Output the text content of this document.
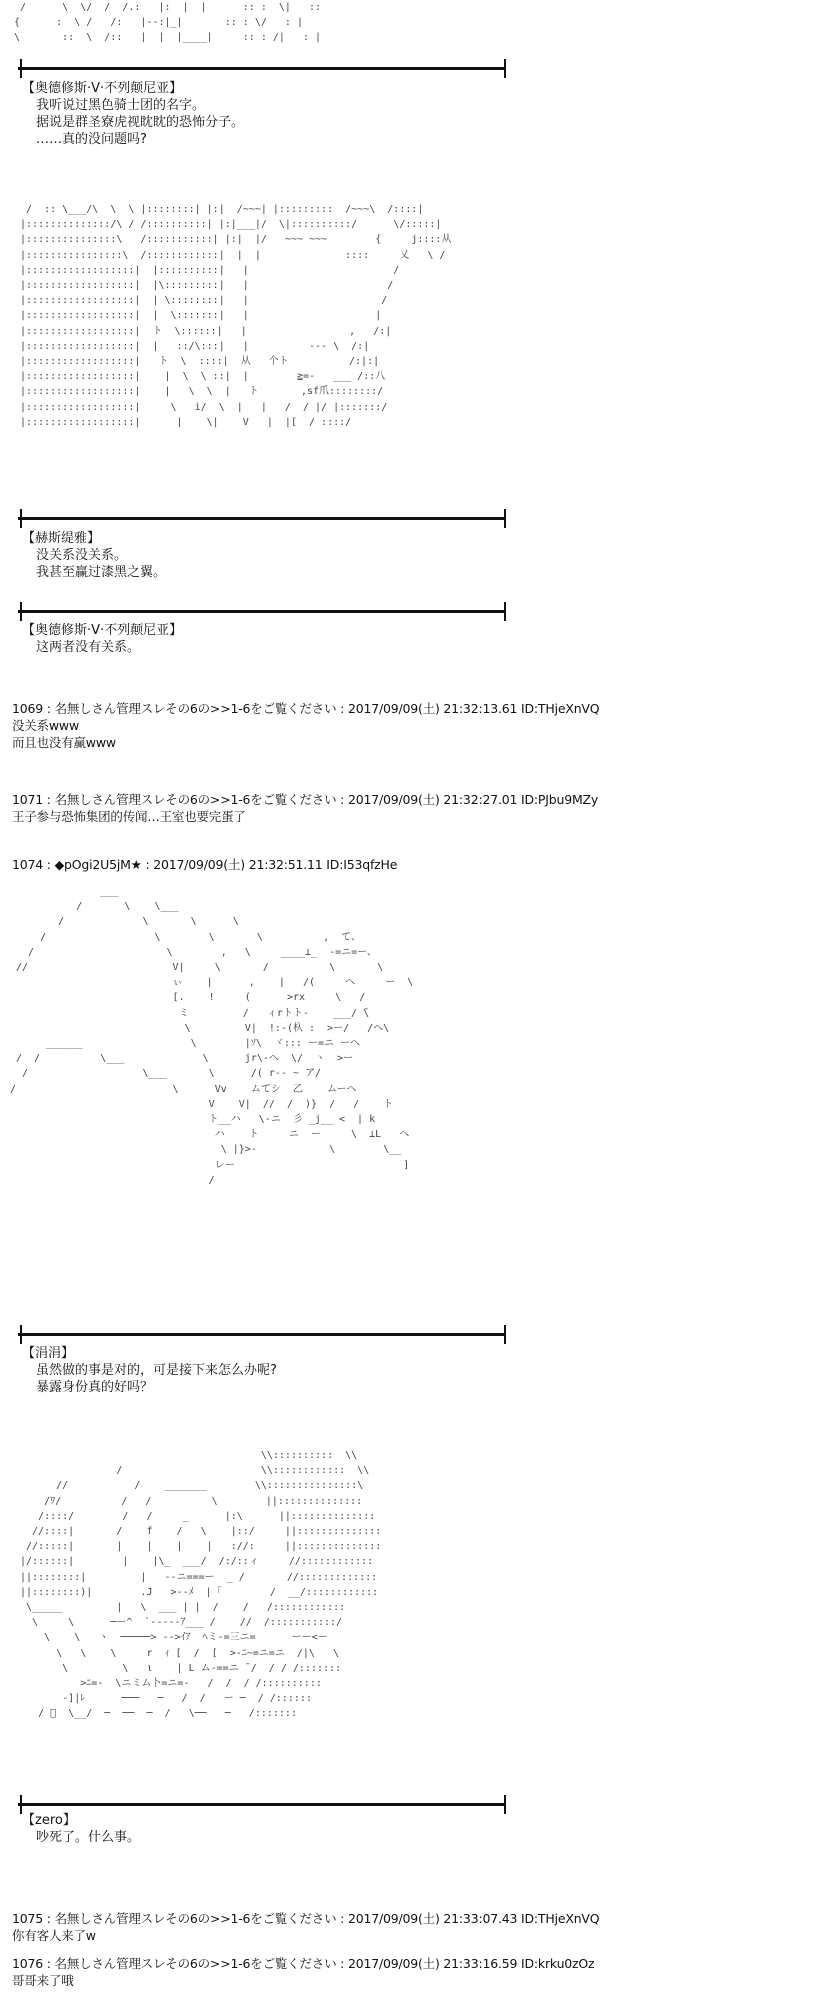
/      \  \/  /  /.:   |:  |  |      :: :  \|   ::
{      :  \ /   /:   |--:|_|       :: : \/   : |
\       ::  \  /::   |  |  |____|     :: : /|   : |
【奥德修斯·V·不列颠尼亚】
我听说过黑色骑士团的名字。
据说是群圣寮虎视眈眈的恐怖分子。
……真的没问题吗?
/  :: \___/\  \  \ |::::::::| |:|  /~~~| |:::::::::  /~~~\  /::::|
|::::::::::::::/\ / /::::::::::| |:|___|/  \|::::::::::/      \/:::::|
|:::::::::::::::\   /:::::::::::| |:|  |/   ~~~ ~~~        {     j::::从
|::::::::::::::::\  /::::::::::::|  |  |              ::::     乂   \ /
|::::::::::::::::::|  |::::::::::|   |                        /
|::::::::::::::::::|  |\:::::::::|   |                       /
|::::::::::::::::::|  | \::::::::|   |                      /
|::::::::::::::::::|  |  \:::::::|   |                     |
|::::::::::::::::::|  ト  \::::::|   |                 ,   /:|
|::::::::::::::::::|  |   ::/\:::|   |          --- \  /:|
|::::::::::::::::::|   ト  \  ::::|  从   个ト          /:|:|
|::::::::::::::::::|    |  \  \ ::|  |        ≧=-   ___ /::八
|::::::::::::::::::|    |   \  \  |   ト       ,sf爪::::::::/
|::::::::::::::::::|     \   i/  \  |   |   /  / |/ |:::::::/
|::::::::::::::::::|      |    \|    V   |  |[  / ::::/
【赫斯缇雅】
没关系没关系。
我甚至赢过漆黑之翼。
【奥德修斯·V·不列颠尼亚】
这两者没有关系。
1069 : 名無しさん管理スレその6の>>1-6をご覧ください : 2017/09/09(土) 21:32:13.61 ID:THjeXnVQ
没关系www
而且也没有赢www
1071 : 名無しさん管理スレその6の>>1-6をご覧ください : 2017/09/09(土) 21:32:27.01 ID:PJbu9MZy
王子参与恐怖集团的传闻…王室也要完蛋了
1074 : ◆pOgi2U5jM★ : 2017/09/09(土) 21:32:51.11 ID:I53qfzHe
___
/       \    \___
/             \       \      \
/                  \        \       \          ,  て、
/                      \        ,   \     ____⊥_  -=ニ=ー、
//                        V|     \       /          \       \
ぃ    |      ,    |   /(     へ     ー  \
[.    !     (      >rx     \   /
ミ         /   ィrトト-    ___/ ̄\
\         V|  !:-(杁 :  >ー/   /ヘ\
______                  \        |ｿ\  ヾ::: ー=ニ ーへ
/  /          \___             \      jr\-へ  \/  ヽ  >ー
/                   \___       \      /( r-- ~ ア/
/                          \      Vv    ムてシ  乙    ムーへ
V    V|  //  /  )}  /   /    ト
ト__ハ   \-ニ  彡 _j__ <  | k
ハ    ト     ニ  ー     \  ⊥L   へ
\ |}>-            \        \__
レー                            ]
/
【涓涓】
虽然做的事是对的，可是接下来怎么办呢?
暴露身份真的好吗？
\\::::::::::  \\
/                       \\::::::::::::  \\
//           /    _______        \\:::::::::::::::\
/ﾜ/          /   /          \        ||::::::::::::::
/::::/        /   /     _      |:\      ||::::::::::::::
//::::|       /    f    /   \    |::/     ||::::::::::::::
//:::::|       |    |    |    |   ://:     ||::::::::::::::
|/::::::|        |    |\_  ___/  /:/::ィ     //::::::::::::
||::::::::|         |   --ニ===ー  _ /       //:::::::::::::
||::::::::)|        .J   >--ﾒ  |「        /  __/::::::::::::
\_____         |   \  ___ | |  /    /   /::::::::::::
\     \      ─ー^  `-----ｱ___ /    //  /:::::::::::/
\    \   ヽ  ─────> -->ｲｱ  ﾍミ-=三ニ=      ーー<ー
\   \    \     r  ｨ [  /  [  >-ﾆ~=ニ=ニ  /|\   \
\         \   ι    | L ム-==ニ ̄ /  / / /:::::::
>ﾆ=-  \ニミム卜=ニ=-   /  /  / /::::::::::
-]|ﾚ      ───   ─   /  /   ー ─  / /::::::
/ ﾟ  \__/  ─  ──  ─  /   \──   ─   /:::::::
【zero】
吵死了。什么事。
1075 : 名無しさん管理スレその6の>>1-6をご覧ください : 2017/09/09(土) 21:33:07.43 ID:THjeXnVQ
你有客人来了w
1076 : 名無しさん管理スレその6の>>1-6をご覧ください : 2017/09/09(土) 21:33:16.59 ID:krku0zOz
哥哥来了哦
